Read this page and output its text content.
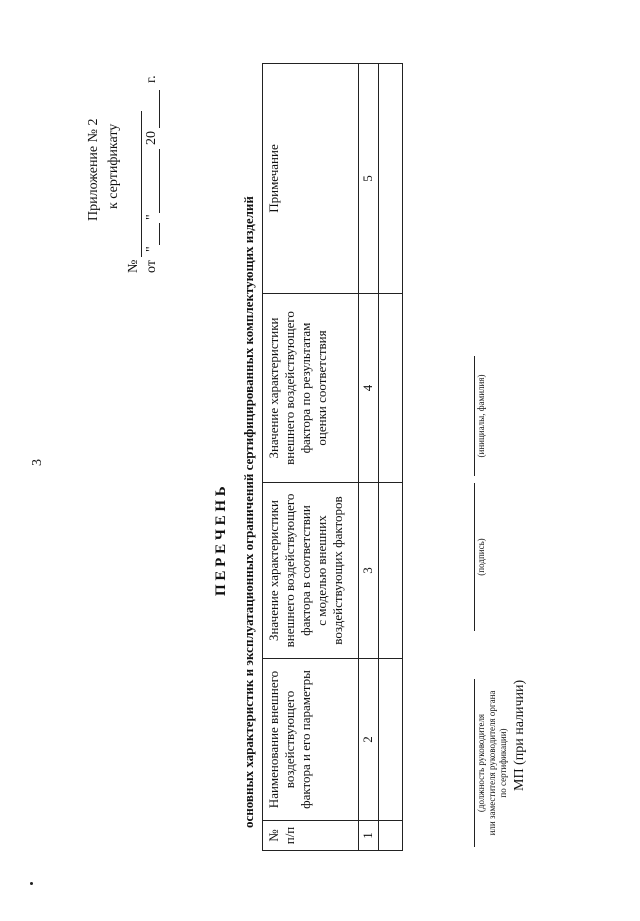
3
Приложение № 2 к сертификату
№ от
"
"
20
г.
П Е Р Е Ч Е Н Ь основных характеристик и эксплуатационных ограничений сертифицированных комплектующих изделий
№ п/п
Наименование внешнего воздействующего фактора и его параметры
Значение характеристики внешнего воздействующего фактора в соответствии с моделью внешних воздействующих факторов
Значение характеристики внешнего воздействующего фактора по результатам оценки соответствия
Примечание
1
2
3
4
5
(должность руководителя или заместителя руководителя органа по сертификации) МП (при наличии)
(подпись)
(инициалы, фамилия)
